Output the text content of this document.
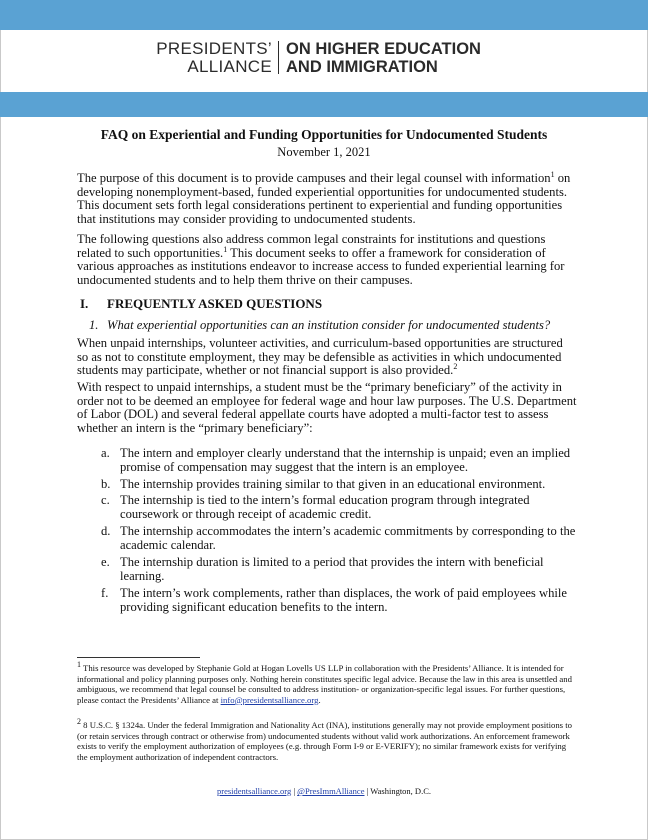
PRESIDENTS’
ALLIANCE
ON HIGHER EDUCATION
AND IMMIGRATION
FAQ on Experiential and Funding Opportunities for Undocumented Students
November 1, 2021

The purpose of this document is to provide campuses and their legal counsel with information$^1$ on developing nonemployment-based, funded experiential opportunities for undocumented students. This document sets forth legal considerations pertinent to experiential and funding opportunities that institutions may consider providing to undocumented students.

The following questions also address common legal constraints for institutions and questions related to such opportunities.$^1$ This document seeks to offer a framework for consideration of various approaches as institutions endeavor to increase access to funded experiential learning for undocumented students and to help them thrive on their campuses.

I. FREQUENTLY ASKED QUESTIONS
1. What experiential opportunities can an institution consider for undocumented students?

When unpaid internships, volunteer activities, and curriculum-based opportunities are structured so as not to constitute employment, they may be defensible as activities in which undocumented students may participate, whether or not financial support is also provided.$^2$

With respect to unpaid internships, a student must be the “primary beneficiary” of the activity in order not to be deemed an employee for federal wage and hour law purposes. The U.S. Department of Labor (DOL) and several federal appellate courts have adopted a multi-factor test to assess whether an intern is the “primary beneficiary”:

a. The intern and employer clearly understand that the internship is unpaid; even an implied promise of compensation may suggest that the intern is an employee.
b. The internship provides training similar to that given in an educational environment.
c. The internship is tied to the intern’s formal education program through integrated coursework or through receipt of academic credit.
d. The internship accommodates the intern’s academic commitments by corresponding to the academic calendar.
e. The internship duration is limited to a period that provides the intern with beneficial learning.
f. The intern’s work complements, rather than displaces, the work of paid employees while providing significant education benefits to the intern.

$^1$ This resource was developed by Stephanie Gold at Hogan Lovells US LLP in collaboration with the Presidents’ Alliance. It is intended for informational and policy planning purposes only. Nothing herein constitutes specific legal advice. Because the law in this area is unsettled and ambiguous, we recommend that legal counsel be consulted to address institution- or organization-specific legal issues. For further questions, please contact the Presidents’ Alliance at info@presidentsalliance.org.

$^2$ 8 U.S.C. § 1324a. Under the federal Immigration and Nationality Act (INA), institutions generally may not provide employment positions to (or retain services through contract or otherwise from) undocumented students without valid work authorizations. An enforcement framework exists to verify the employment authorization of employees (e.g. through Form I-9 or E-VERIFY); no similar framework exists for verifying the employment authorization of independent contractors.

presidentsalliance.org | @PresImmAlliance | Washington, D.C.
